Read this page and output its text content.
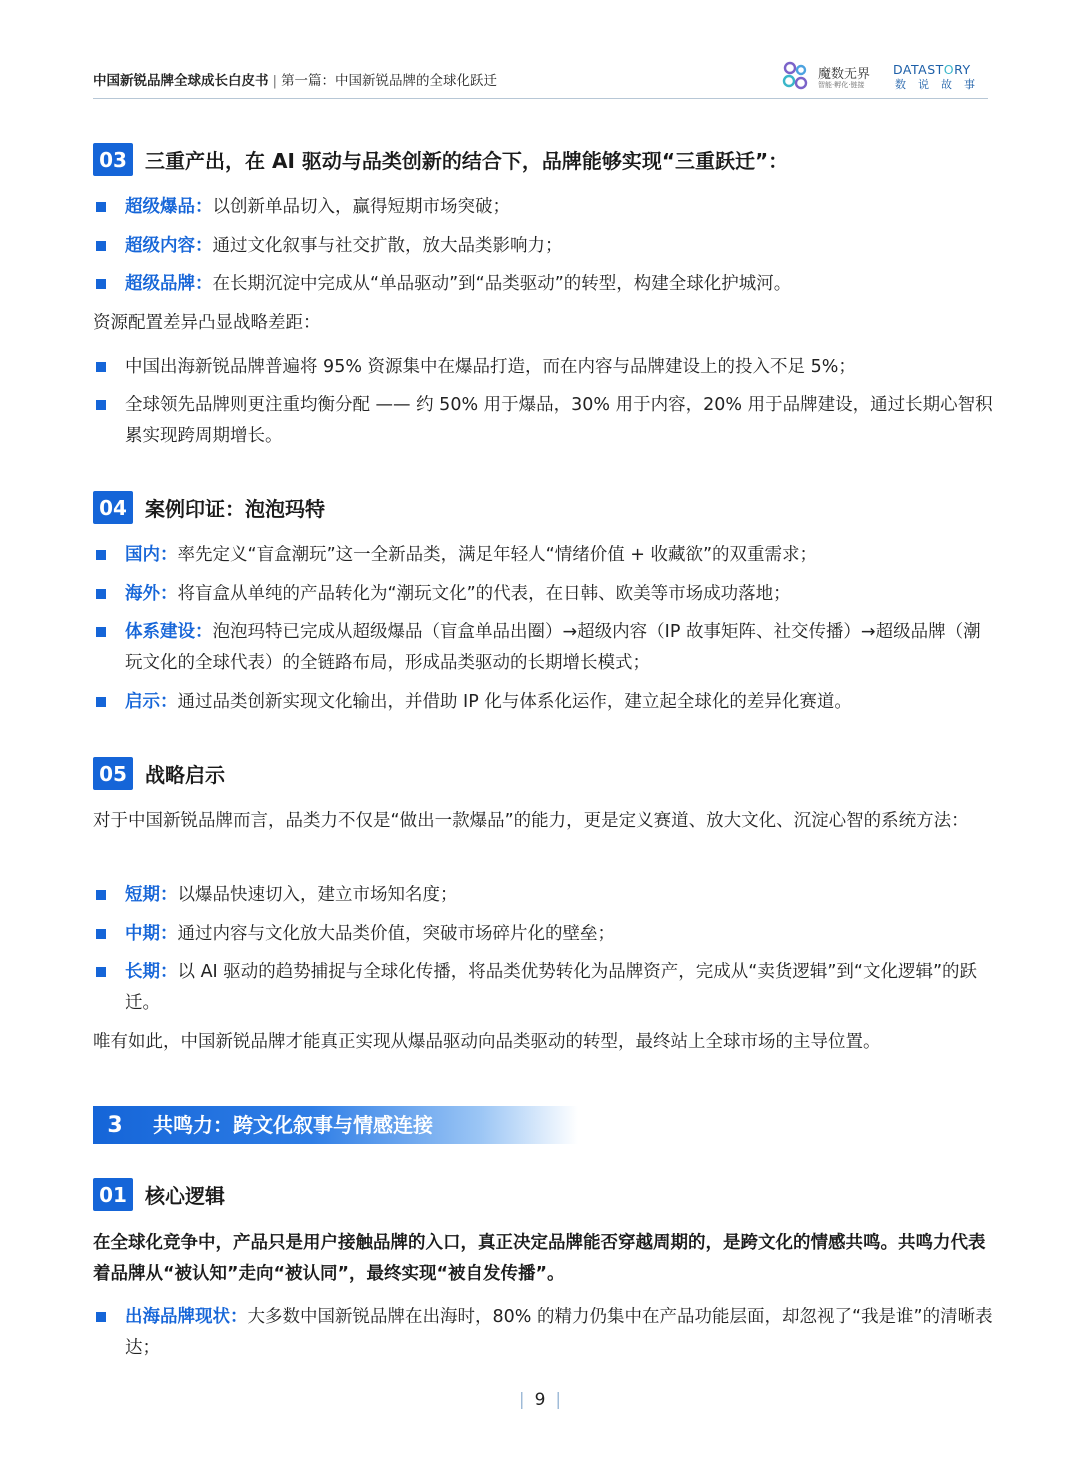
中国新锐品牌全球成长白皮书 | 第一篇：中国新锐品牌的全球化跃迁	魔数无界
智能·孵化·链接
DATASTORY
数说故事
03 三重产出，在 AI 驱动与品类创新的结合下，品牌能够实现“三重跃迁”：
超级爆品：以创新单品切入，赢得短期市场突破；
超级内容：通过文化叙事与社交扩散，放大品类影响力；
超级品牌：在长期沉淀中完成从“单品驱动”到“品类驱动”的转型，构建全球化护城河。
资源配置差异凸显战略差距：
中国出海新锐品牌普遍将 95% 资源集中在爆品打造，而在内容与品牌建设上的投入不足 5%；
全球领先品牌则更注重均衡分配 —— 约 50% 用于爆品，30% 用于内容，20% 用于品牌建设，通过长期心智积累实现跨周期增长。
04 案例印证：泡泡玛特
国内：率先定义“盲盒潮玩”这一全新品类，满足年轻人“情绪价值 + 收藏欲”的双重需求；
海外：将盲盒从单纯的产品转化为“潮玩文化”的代表，在日韩、欧美等市场成功落地；
体系建设：泡泡玛特已完成从超级爆品（盲盒单品出圈）→超级内容（IP 故事矩阵、社交传播）→超级品牌（潮玩文化的全球代表）的全链路布局，形成品类驱动的长期增长模式；
启示：通过品类创新实现文化输出，并借助 IP 化与体系化运作，建立起全球化的差异化赛道。
05 战略启示
对于中国新锐品牌而言，品类力不仅是“做出一款爆品”的能力，更是定义赛道、放大文化、沉淀心智的系统方法：
短期：以爆品快速切入，建立市场知名度；
中期：通过内容与文化放大品类价值，突破市场碎片化的壁垒；
长期：以 AI 驱动的趋势捕捉与全球化传播，将品类优势转化为品牌资产，完成从“卖货逻辑”到“文化逻辑”的跃迁。
唯有如此，中国新锐品牌才能真正实现从爆品驱动向品类驱动的转型，最终站上全球市场的主导位置。
3	共鸣力：跨文化叙事与情感连接
01 核心逻辑
在全球化竞争中，产品只是用户接触品牌的入口，真正决定品牌能否穿越周期的，是跨文化的情感共鸣。共鸣力代表着品牌从“被认知”走向“被认同”，最终实现“被自发传播”。
出海品牌现状：大多数中国新锐品牌在出海时，80% 的精力仍集中在产品功能层面，却忽视了“我是谁”的清晰表达；
| 9 |
